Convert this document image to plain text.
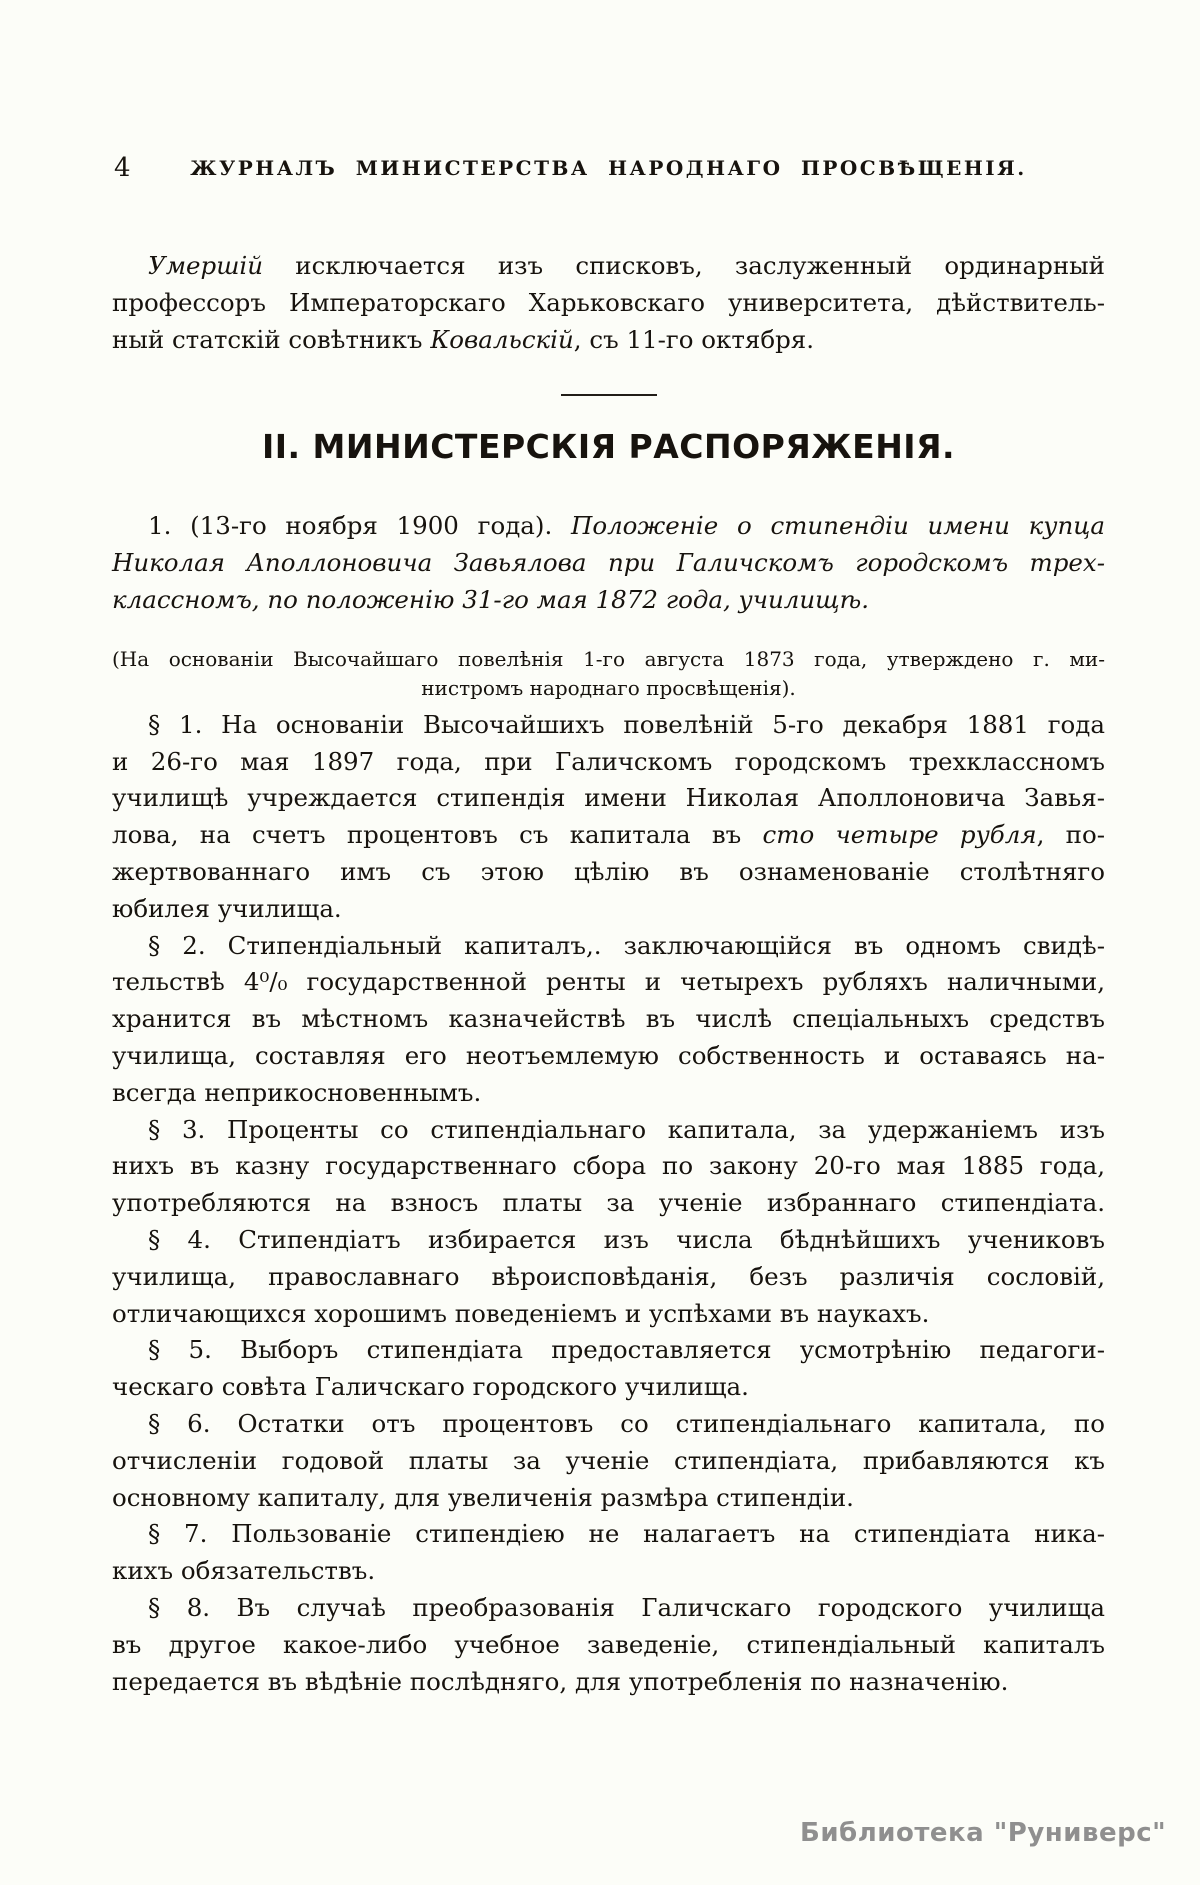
4	ЖУРНАЛЪ МИНИСТЕРСТВА НАРОДНАГО ПРОСВѢЩЕНІЯ.
Умершій исключается изъ списковъ, заслуженный ординарный
профессоръ Императорскаго Харьковскаго университета, дѣйствитель-
ный статскій совѣтникъ Ковальскій, съ 11-го октября.
II. МИНИСТЕРСКІЯ РАСПОРЯЖЕНІЯ.
1. (13-го ноября 1900 года). Положеніе о стипендіи имени купца
Николая Аполлоновича Завьялова при Галичскомъ городскомъ трех-
классномъ, по положенію 31-го мая 1872 года, училищѣ.
(На основаніи Высочайшаго повелѣнія 1-го августа 1873 года, утверждено г. ми-
нистромъ народнаго просвѣщенія).
§ 1. На основаніи Высочайшихъ повелѣній 5-го декабря 1881 года
и 26-го мая 1897 года, при Галичскомъ городскомъ трехклассномъ
училищѣ учреждается стипендія имени Николая Аполлоновича Завья-
лова, на счетъ процентовъ съ капитала въ сто четыре рубля, по-
жертвованнаго имъ съ этою цѣлію въ ознаменованіе столѣтняго
юбилея училища.
§ 2. Стипендіальный капиталъ,. заключающійся въ одномъ свидѣ-
тельствѣ 4⁰/₀ государственной ренты и четырехъ рубляхъ наличными,
хранится въ мѣстномъ казначействѣ въ числѣ спеціальныхъ средствъ
училища, составляя его неотъемлемую собственность и оставаясь на-
всегда неприкосновеннымъ.
§ 3. Проценты со стипендіальнаго капитала, за удержаніемъ изъ
нихъ въ казну государственнаго сбора по закону 20-го мая 1885 года,
употребляются на взносъ платы за ученіе избраннаго стипендіата.
§ 4. Стипендіатъ избирается изъ числа бѣднѣйшихъ учениковъ
училища, православнаго вѣроисповѣданія, безъ различія сословій,
отличающихся хорошимъ поведеніемъ и успѣхами въ наукахъ.
§ 5. Выборъ стипендіата предоставляется усмотрѣнію педагоги-
ческаго совѣта Галичскаго городского училища.
§ 6. Остатки отъ процентовъ со стипендіальнаго капитала, по
отчисленіи годовой платы за ученіе стипендіата, прибавляются къ
основному капиталу, для увеличенія размѣра стипендіи.
§ 7. Пользованіе стипендіею не налагаетъ на стипендіата ника-
кихъ обязательствъ.
§ 8. Въ случаѣ преобразованія Галичскаго городского училища
въ другое какое-либо учебное заведеніе, стипендіальный капиталъ
передается въ вѣдѣніе послѣдняго, для употребленія по назначенію.
Библиотека "Руниверс"
